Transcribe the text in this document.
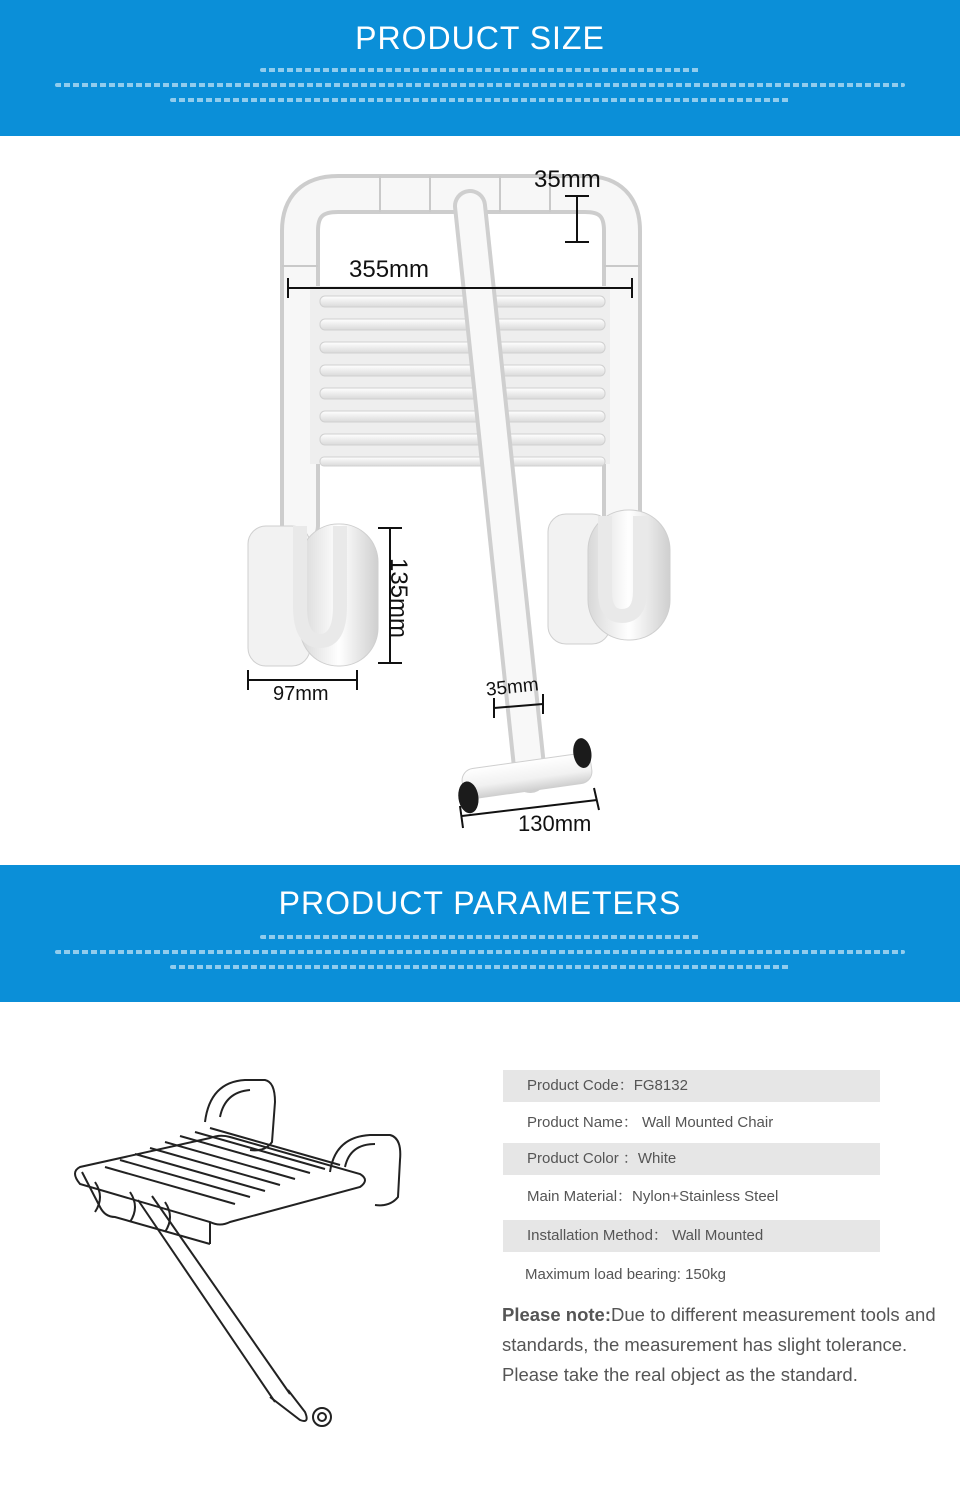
PRODUCT SIZE
35mm
355mm
135mm
97mm	35mm
130mm
PRODUCT PARAMETERS
Product Code：FG8132
Product Name： Wall Mounted Chair
Product Color ：White
Main Material：Nylon+Stainless Steel
Installation Method： Wall Mounted
Maximum load bearing: 150kg
Please note:Due to different measurement tools and standards, the measurement has slight tolerance. Please take the real object as the standard.
